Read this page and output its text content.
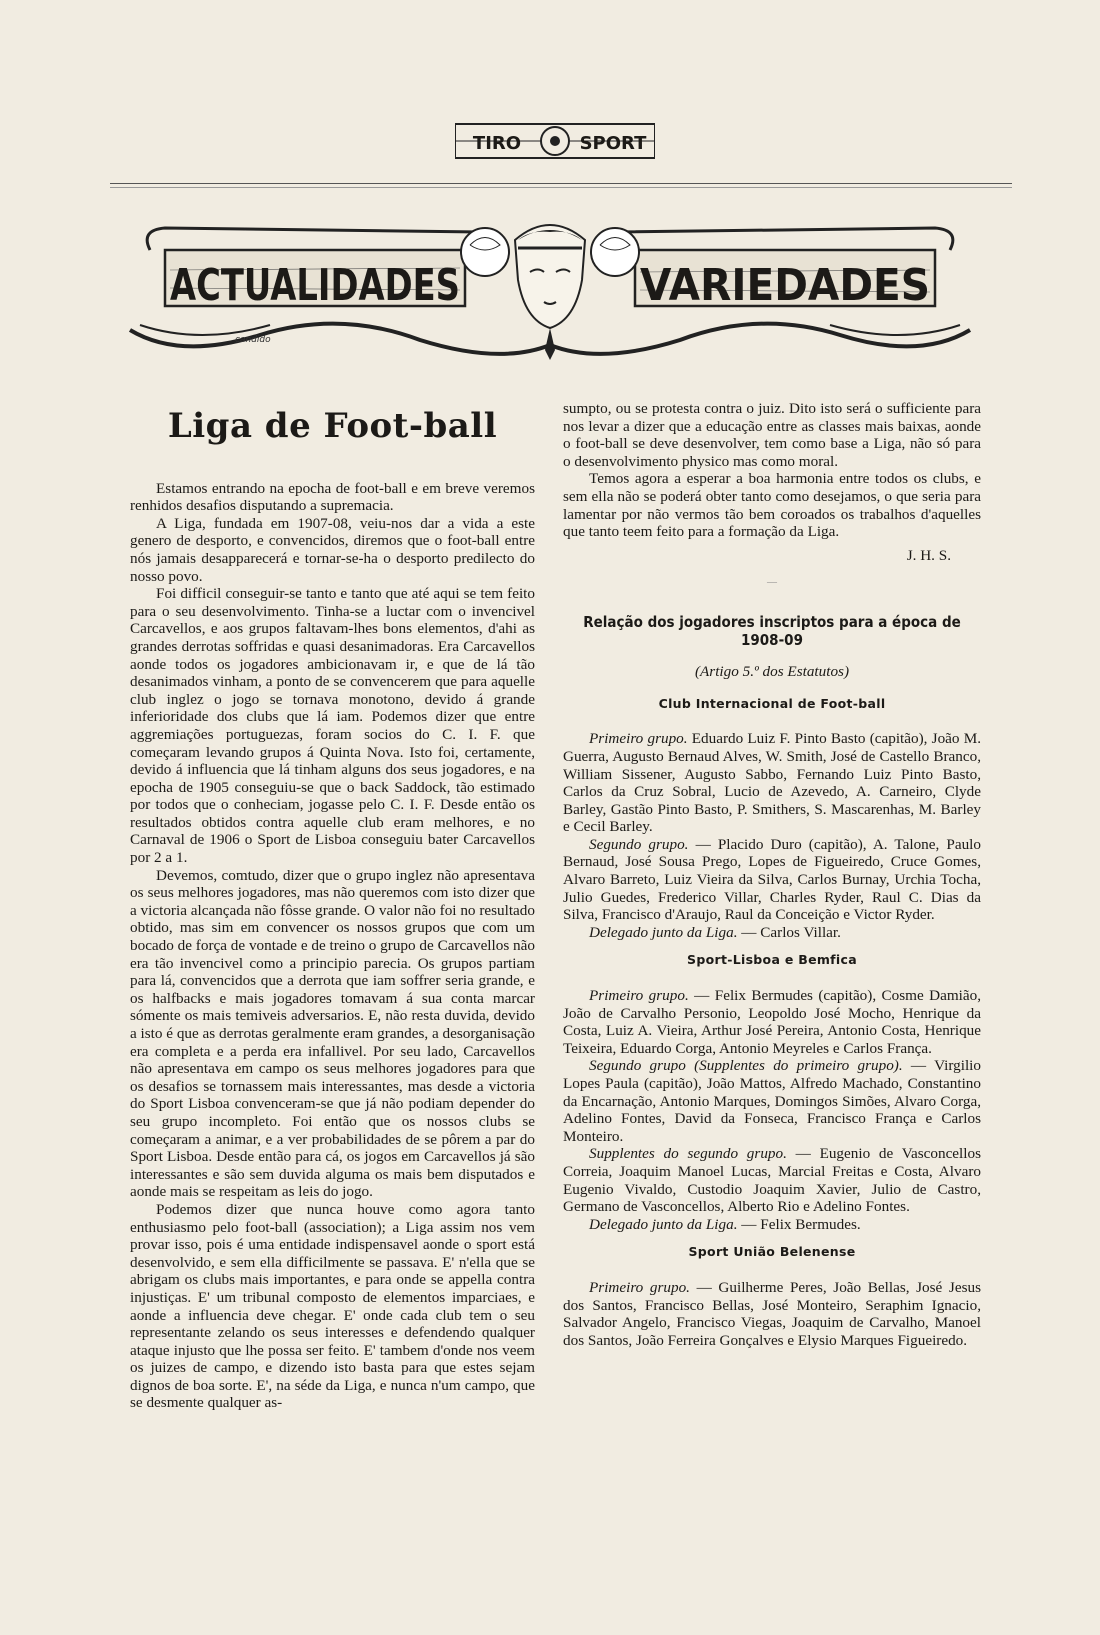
TIRO	SPORT
ACTUALIDADES	VARIEDADES
candido
Liga de Foot-ball

Estamos entrando na epocha de foot-ball e em breve veremos renhidos desafios disputando a supremacia.

A Liga, fundada em 1907-08, veiu-nos dar a vida a este genero de desporto, e convencidos, diremos que o foot-ball entre nós jamais desapparecerá e tornar-se-ha o desporto predilecto do nosso povo.

Foi difficil conseguir-se tanto e tanto que até aqui se tem feito para o seu desenvolvimento. Tinha-se a luctar com o invencivel Carcavellos, e aos grupos faltavam-lhes bons elementos, d'ahi as grandes derrotas soffridas e quasi desanimadoras. Era Carcavellos aonde todos os jogadores ambicionavam ir, e que de lá tão desanimados vinham, a ponto de se convencerem que para aquelle club inglez o jogo se tornava monotono, devido á grande inferioridade dos clubs que lá iam. Podemos dizer que entre aggremiações portuguezas, foram socios do C. I. F. que começaram levando grupos á Quinta Nova. Isto foi, certamente, devido á influencia que lá tinham alguns dos seus jogadores, e na epocha de 1905 conseguiu-se que o back Saddock, tão estimado por todos que o conheciam, jogasse pelo C. I. F. Desde então os resultados obtidos contra aquelle club eram melhores, e no Carnaval de 1906 o Sport de Lisboa conseguiu bater Carcavellos por 2 a 1.

Devemos, comtudo, dizer que o grupo inglez não apresentava os seus melhores jogadores, mas não queremos com isto dizer que a victoria alcançada não fôsse grande. O valor não foi no resultado obtido, mas sim em convencer os nossos grupos que com um bocado de força de vontade e de treino o grupo de Carcavellos não era tão invencivel como a principio parecia. Os grupos partiam para lá, convencidos que a derrota que iam soffrer seria grande, e os halfbacks e mais jogadores tomavam á sua conta marcar sómente os mais temiveis adversarios. E, não resta duvida, devido a isto é que as derrotas geralmente eram grandes, a desorganisação era completa e a perda era infallivel. Por seu lado, Carcavellos não apresentava em campo os seus melhores jogadores para que os desafios se tornassem mais interessantes, mas desde a victoria do Sport Lisboa convenceram-se que já não podiam depender do seu grupo incompleto. Foi então que os nossos clubs se começaram a animar, e a ver probabilidades de se pôrem a par do Sport Lisboa. Desde então para cá, os jogos em Carcavellos já são interessantes e são sem duvida alguma os mais bem disputados e aonde mais se respeitam as leis do jogo.

Podemos dizer que nunca houve como agora tanto enthusiasmo pelo foot-ball (association); a Liga assim nos vem provar isso, pois é uma entidade indispensavel aonde o sport está desenvolvido, e sem ella difficilmente se passava. E' n'ella que se abrigam os clubs mais importantes, e para onde se appella contra injustiças. E' um tribunal composto de elementos imparciaes, e aonde a influencia deve chegar. E' onde cada club tem o seu representante zelando os seus interesses e defendendo qualquer ataque injusto que lhe possa ser feito. E' tambem d'onde nos veem os juizes de campo, e dizendo isto basta para que estes sejam dignos de boa sorte. E', na séde da Liga, e nunca n'um campo, que se desmente qualquer as-

sumpto, ou se protesta contra o juiz. Dito isto será o sufficiente para nos levar a dizer que a educação entre as classes mais baixas, aonde o foot-ball se deve desenvolver, tem como base a Liga, não só para o desenvolvimento physico mas como moral.

Temos agora a esperar a boa harmonia entre todos os clubs, e sem ella não se poderá obter tanto como desejamos, o que seria para lamentar por não vermos tão bem coroados os trabalhos d'aquelles que tanto teem feito para a formação da Liga.

J. H. S.
―
Relação dos jogadores inscriptos para a época de 1908-09
(Artigo 5.º dos Estatutos)
Club Internacional de Foot-ball

Primeiro grupo. Eduardo Luiz F. Pinto Basto (capitão), João M. Guerra, Augusto Bernaud Alves, W. Smith, José de Castello Branco, William Sissener, Augusto Sabbo, Fernando Luiz Pinto Basto, Carlos da Cruz Sobral, Lucio de Azevedo, A. Carneiro, Clyde Barley, Gastão Pinto Basto, P. Smithers, S. Mascarenhas, M. Barley e Cecil Barley.

Segundo grupo. — Placido Duro (capitão), A. Talone, Paulo Bernaud, José Sousa Prego, Lopes de Figueiredo, Cruce Gomes, Alvaro Barreto, Luiz Vieira da Silva, Carlos Burnay, Urchia Tocha, Julio Guedes, Frederico Villar, Charles Ryder, Raul C. Dias da Silva, Francisco d'Araujo, Raul da Conceição e Victor Ryder.

Delegado junto da Liga. — Carlos Villar.

Sport-Lisboa e Bemfica

Primeiro grupo. — Felix Bermudes (capitão), Cosme Damião, João de Carvalho Personio, Leopoldo José Mocho, Henrique da Costa, Luiz A. Vieira, Arthur José Pereira, Antonio Costa, Henrique Teixeira, Eduardo Corga, Antonio Meyreles e Carlos França.

Segundo grupo (Supplentes do primeiro grupo). — Virgilio Lopes Paula (capitão), João Mattos, Alfredo Machado, Constantino da Encarnação, Antonio Marques, Domingos Simões, Alvaro Corga, Adelino Fontes, David da Fonseca, Francisco França e Carlos Monteiro.

Supplentes do segundo grupo. — Eugenio de Vasconcellos Correia, Joaquim Manoel Lucas, Marcial Freitas e Costa, Alvaro Eugenio Vivaldo, Custodio Joaquim Xavier, Julio de Castro, Germano de Vasconcellos, Alberto Rio e Adelino Fontes.

Delegado junto da Liga. — Felix Bermudes.

Sport União Belenense

Primeiro grupo. — Guilherme Peres, João Bellas, José Jesus dos Santos, Francisco Bellas, José Monteiro, Seraphim Ignacio, Salvador Angelo, Francisco Viegas, Joaquim de Carvalho, Manoel dos Santos, João Ferreira Gonçalves e Elysio Marques Figueiredo.
